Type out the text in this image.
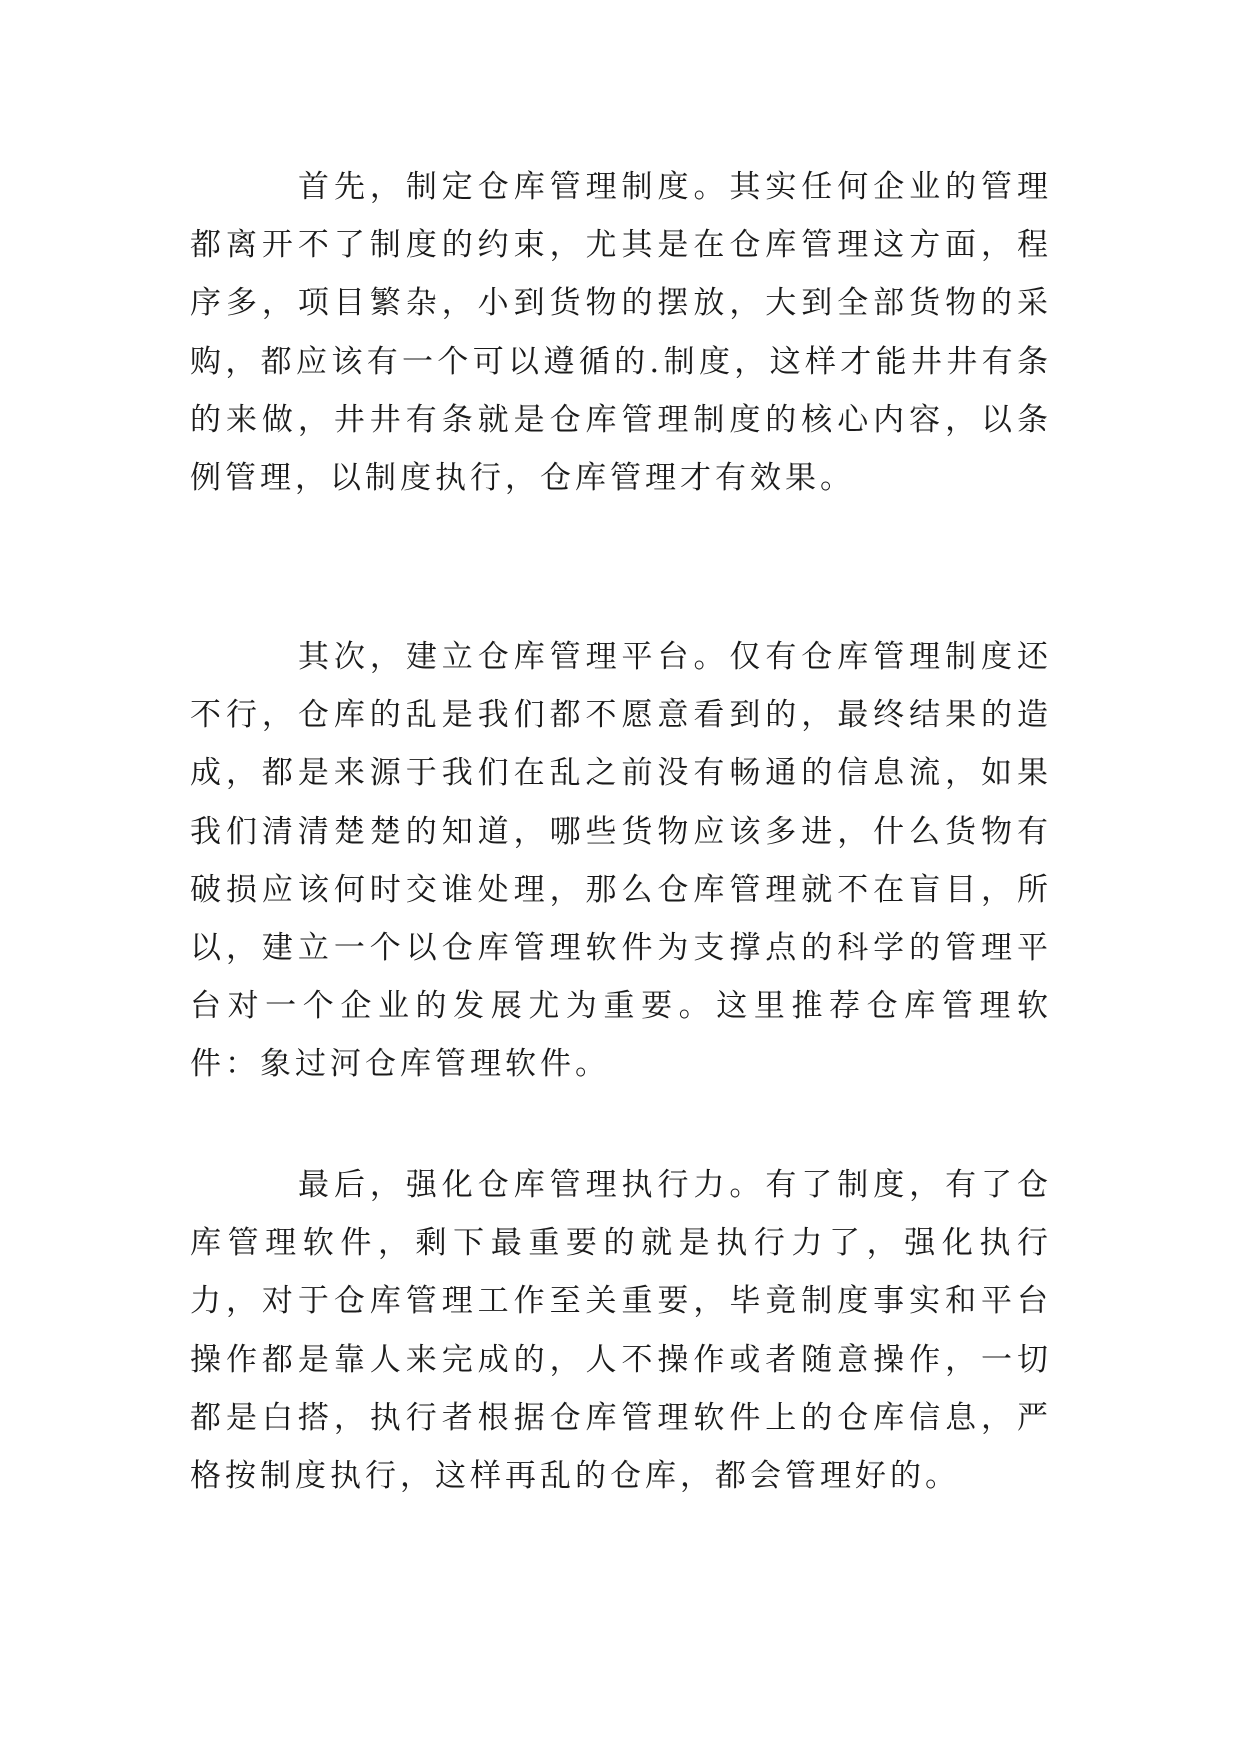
首先，制定仓库管理制度。其实任何企业的管理都离开不了制度的约束，尤其是在仓库管理这方面，程序多，项目繁杂，小到货物的摆放，大到全部货物的采购，都应该有一个可以遵循的.制度，这样才能井井有条的来做，井井有条就是仓库管理制度的核心内容，以条例管理，以制度执行，仓库管理才有效果。

其次，建立仓库管理平台。仅有仓库管理制度还不行，仓库的乱是我们都不愿意看到的，最终结果的造成，都是来源于我们在乱之前没有畅通的信息流，如果我们清清楚楚的知道，哪些货物应该多进，什么货物有破损应该何时交谁处理，那么仓库管理就不在盲目，所以，建立一个以仓库管理软件为支撑点的科学的管理平台对一个企业的发展尤为重要。这里推荐仓库管理软件：象过河仓库管理软件。

最后，强化仓库管理执行力。有了制度，有了仓库管理软件，剩下最重要的就是执行力了，强化执行力，对于仓库管理工作至关重要，毕竟制度事实和平台操作都是靠人来完成的，人不操作或者随意操作，一切都是白搭，执行者根据仓库管理软件上的仓库信息，严格按制度执行，这样再乱的仓库，都会管理好的。
